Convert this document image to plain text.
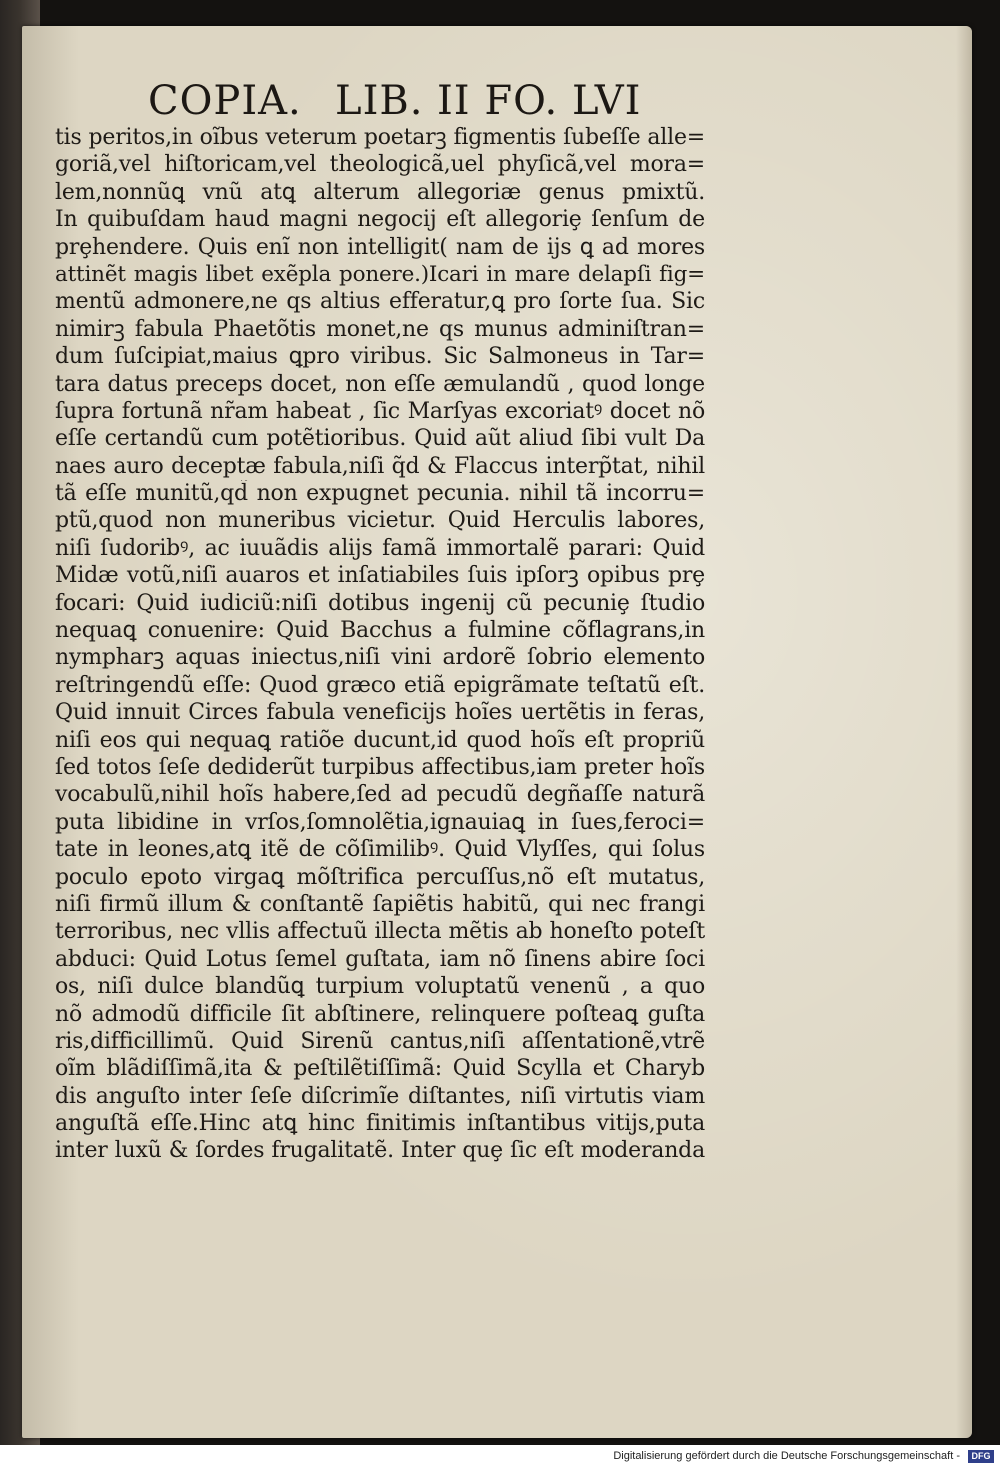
COPIA. LIB. II FO. LVI
tis peritos,in oĩbus veterum poetarꝫ figmentis ſubeſſe alle=
goriã,vel hiſtoricam,vel theologicã,uel phyſicã,vel mora=
lem,nonnũꝗ vnũ atꝗ alterum allegoriæ genus pmixtũ.
In quibuſdam haud magni negocij eſt allegoriȩ ſenſum de
prȩhendere. Quis enĩ non intelligit( nam de ijs ꝗ ad mores
attinẽt magis libet exẽpla ponere.)Icari in mare delapſi fig=
mentũ admonere,ne qs altius efferatur,ꝗ pro ſorte ſua. Sic
nimirꝫ fabula Phaetõtis monet,ne qs munus adminiſtran=
dum ſuſcipiat,maius ꝗpro viribus. Sic Salmoneus in Tar=
tara datus preceps docet, non eſſe æmulandũ , quod longe
ſupra fortunã nr̃am habeat , ſic Marſyas excoriatꝰ docet nõ
eſſe certandũ cum potẽtioribus. Quid aũt aliud ſibi vult Da
naes auro deceptæ fabula,niſi q̃d & Flaccus interp̃tat, nihil
tã eſſe munitũ,qd̃ non expugnet pecunia. nihil tã incorru=
ptũ,quod non muneribus vicietur. Quid Herculis labores,
niſi ſudoribꝰ, ac iuuãdis alijs famã immortalẽ parari: Quid
Midæ votũ,niſi auaros et inſatiabiles ſuis ipſorꝫ opibus prȩ
focari: Quid iudiciũ:niſi dotibus ingenij cũ pecuniȩ ſtudio
nequaꝗ conuenire: Quid Bacchus a fulmine cõflagrans,in
nympharꝫ aquas iniectus,niſi vini ardorẽ ſobrio elemento
reſtringendũ eſſe: Quod græco etiã epigrãmate teſtatũ eſt.
Quid innuit Circes fabula veneficijs hoĩes uertẽtis in feras,
niſi eos qui nequaꝗ ratiõe ducunt,id quod hoĩs eſt propriũ
ſed totos ſeſe dediderũt turpibus affectibus,iam preter hoĩs
vocabulũ,nihil hoĩs habere,ſed ad pecudũ degñaſſe naturã
puta libidine in vrſos,ſomnolẽtia,ignauiaꝗ in ſues,feroci=
tate in leones,atꝗ itẽ de cõſimilibꝰ. Quid Vlyſſes, qui ſolus
poculo epoto virgaꝗ mõſtrifica percuſſus,nõ eſt mutatus,
niſi firmũ illum & conſtantẽ ſapiẽtis habitũ, qui nec frangi
terroribus, nec vllis affectuũ illecta mẽtis ab honeſto poteſt
abduci: Quid Lotus ſemel guſtata, iam nõ ſinens abire ſoci
os, niſi dulce blandũꝗ turpium voluptatũ venenũ , a quo
nõ admodũ difficile ſit abſtinere, relinquere poſteaꝗ guſta
ris,difficillimũ. Quid Sirenũ cantus,niſi aſſentationẽ,vtrẽ
oĩm blãdiſſimã,ita & peſtilẽtiſſimã: Quid Scylla et Charyb
dis anguſto inter ſeſe diſcrimĩe diſtantes, niſi virtutis viam
anguſtã eſſe.Hinc atꝗ hinc finitimis inſtantibus vitijs,puta
inter luxũ & ſordes frugalitatẽ. Inter quȩ ſic eſt moderanda
Digitalisierung gefördert durch die Deutsche Forschungsgemeinschaft -	DFG
